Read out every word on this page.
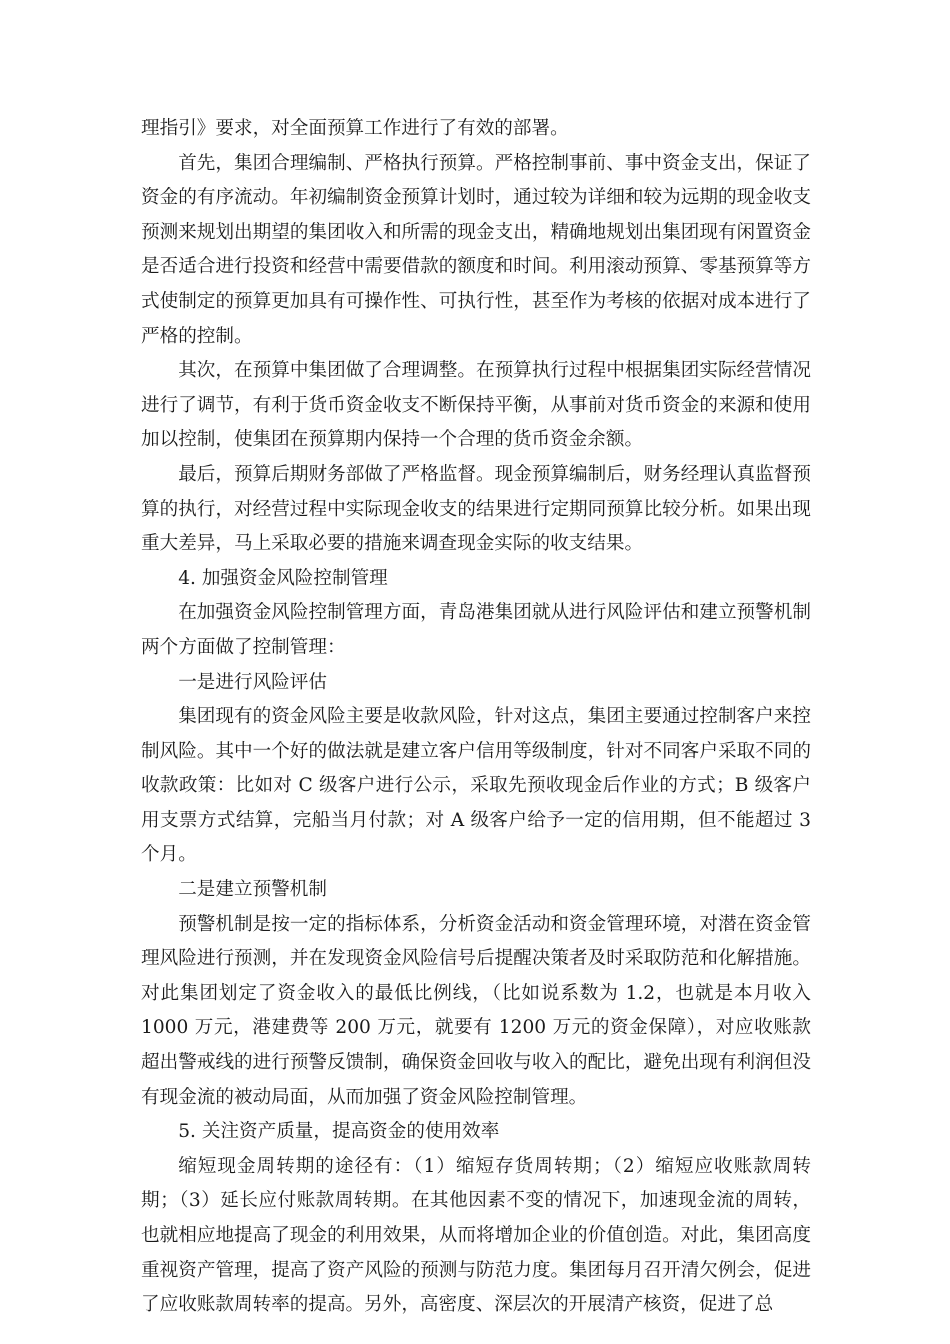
理指引》要求，对全面预算工作进行了有效的部署。

首先，集团合理编制、严格执行预算。严格控制事前、事中资金支出，保证了资金的有序流动。年初编制资金预算计划时，通过较为详细和较为远期的现金收支预测来规划出期望的集团收入和所需的现金支出，精确地规划出集团现有闲置资金是否适合进行投资和经营中需要借款的额度和时间。利用滚动预算、零基预算等方式使制定的预算更加具有可操作性、可执行性，甚至作为考核的依据对成本进行了严格的控制。

其次，在预算中集团做了合理调整。在预算执行过程中根据集团实际经营情况进行了调节，有利于货币资金收支不断保持平衡，从事前对货币资金的来源和使用加以控制，使集团在预算期内保持一个合理的货币资金余额。

最后，预算后期财务部做了严格监督。现金预算编制后，财务经理认真监督预算的执行，对经营过程中实际现金收支的结果进行定期同预算比较分析。如果出现重大差异，马上采取必要的措施来调查现金实际的收支结果。

4. 加强资金风险控制管理

在加强资金风险控制管理方面，青岛港集团就从进行风险评估和建立预警机制两个方面做了控制管理：

一是进行风险评估

集团现有的资金风险主要是收款风险，针对这点，集团主要通过控制客户来控制风险。其中一个好的做法就是建立客户信用等级制度，针对不同客户采取不同的收款政策：比如对 C 级客户进行公示，采取先预收现金后作业的方式；B 级客户用支票方式结算，完船当月付款；对 A 级客户给予一定的信用期，但不能超过 3 个月。

二是建立预警机制

预警机制是按一定的指标体系，分析资金活动和资金管理环境，对潜在资金管理风险进行预测，并在发现资金风险信号后提醒决策者及时采取防范和化解措施。对此集团划定了资金收入的最低比例线，（比如说系数为 1.2，也就是本月收入 1000 万元，港建费等 200 万元，就要有 1200 万元的资金保障），对应收账款超出警戒线的进行预警反馈制，确保资金回收与收入的配比，避免出现有利润但没有现金流的被动局面，从而加强了资金风险控制管理。

5. 关注资产质量，提高资金的使用效率

缩短现金周转期的途径有：（1）缩短存货周转期；（2）缩短应收账款周转期；（3）延长应付账款周转期。在其他因素不变的情况下，加速现金流的周转，也就相应地提高了现金的利用效果，从而将增加企业的价值创造。对此，集团高度重视资产管理，提高了资产风险的预测与防范力度。集团每月召开清欠例会，促进了应收账款周转率的提高。另外，高密度、深层次的开展清产核资，促进了总
